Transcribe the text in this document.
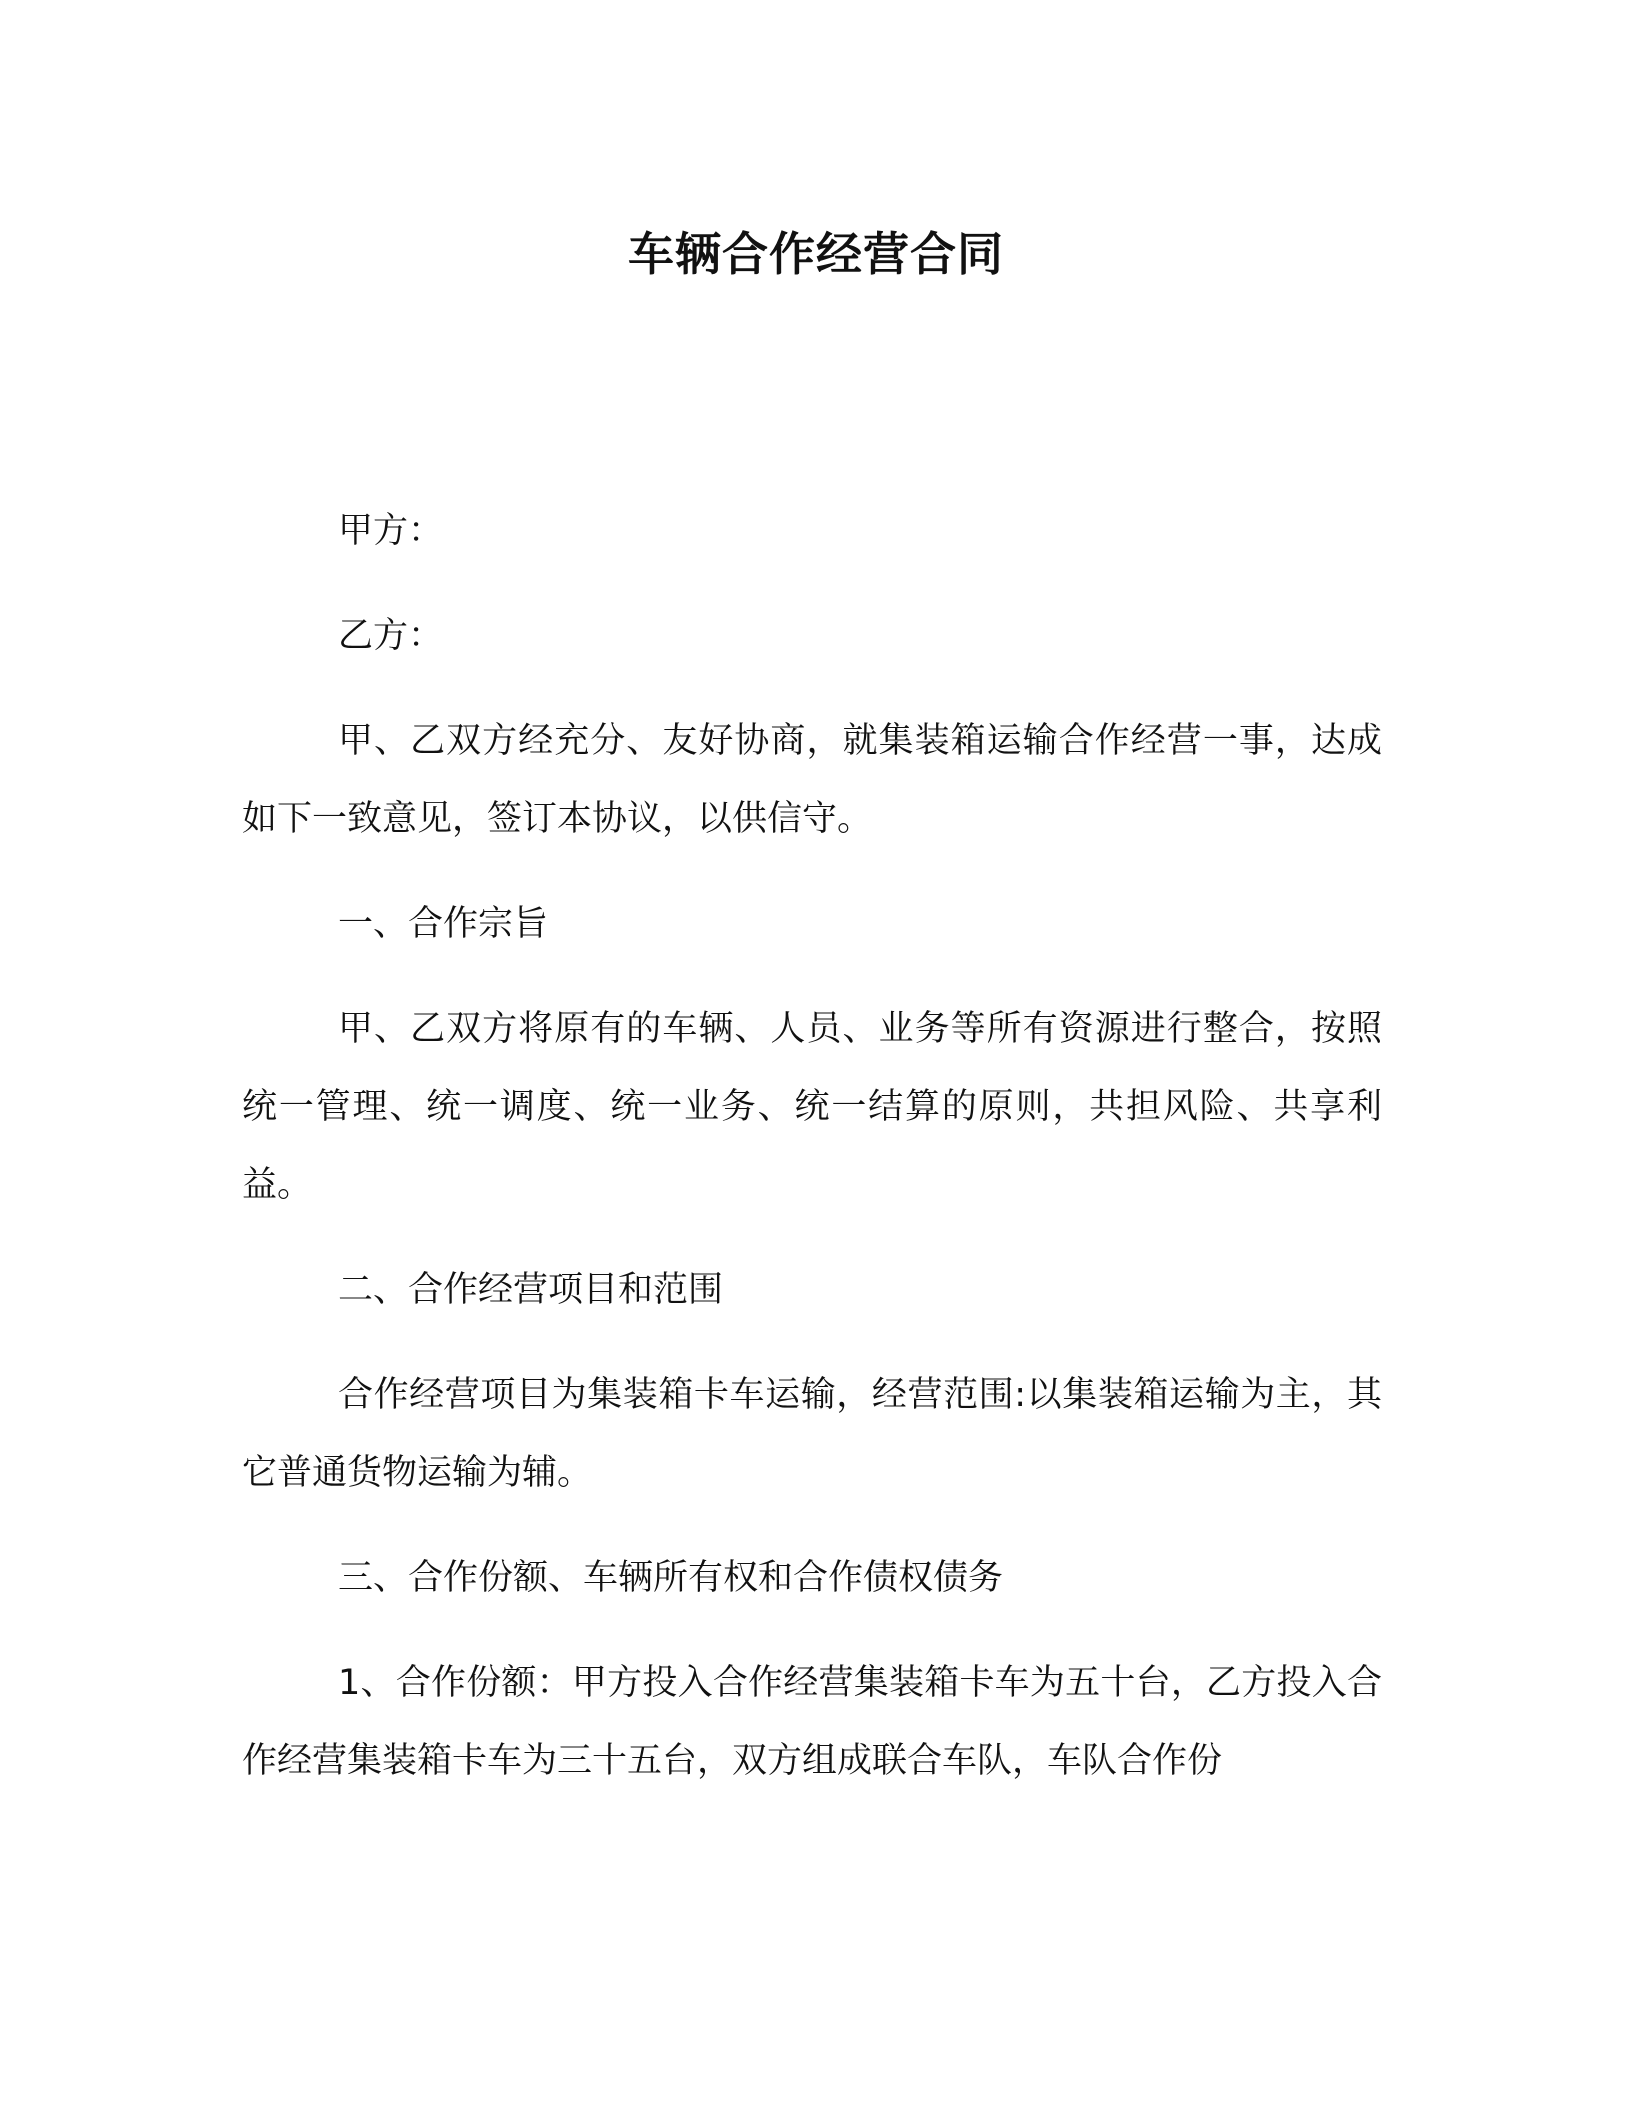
车辆合作经营合同

甲方：

乙方：

甲、乙双方经充分、友好协商，就集装箱运输合作经营一事，达成如下一致意见，签订本协议，以供信守。

一、合作宗旨

甲、乙双方将原有的车辆、人员、业务等所有资源进行整合，按照统一管理、统一调度、统一业务、统一结算的原则，共担风险、共享利益。

二、合作经营项目和范围

合作经营项目为集装箱卡车运输，经营范围:以集装箱运输为主，其它普通货物运输为辅。

三、合作份额、车辆所有权和合作债权债务

1、合作份额：甲方投入合作经营集装箱卡车为五十台，乙方投入合作经营集装箱卡车为三十五台，双方组成联合车队，车队合作份
